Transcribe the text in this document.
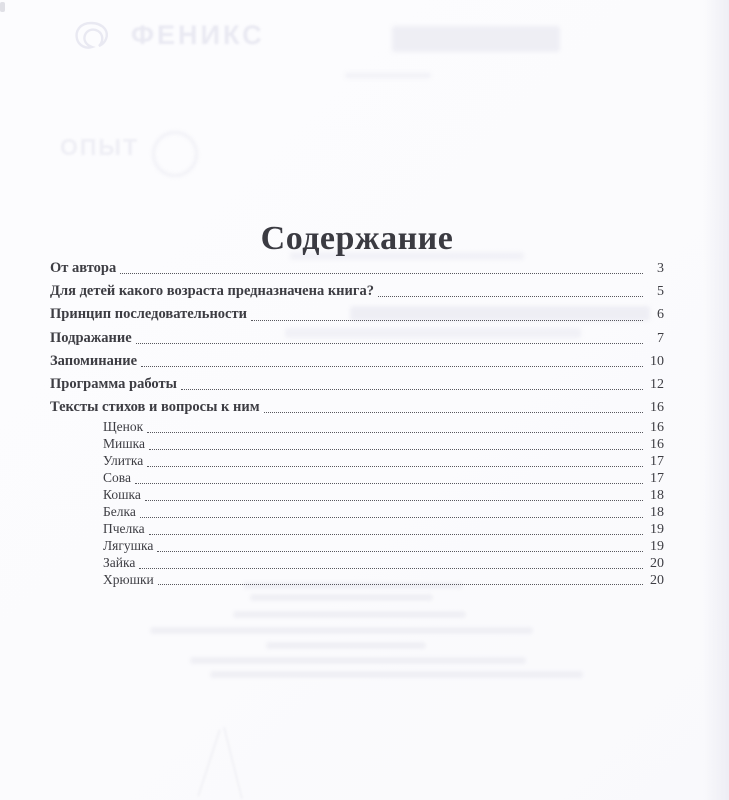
ФЕНИКС
ОПЫТ
Содержание
От автора	3
Для детей какого возраста предназначена книга?	5
Принцип последовательности	6
Подражание	7
Запоминание	10
Программа работы	12
Тексты стихов и вопросы к ним	16
Щенок	16
Мишка	16
Улитка	17
Сова	17
Кошка	18
Белка	18
Пчелка	19
Лягушка	19
Зайка	20
Хрюшки	20
